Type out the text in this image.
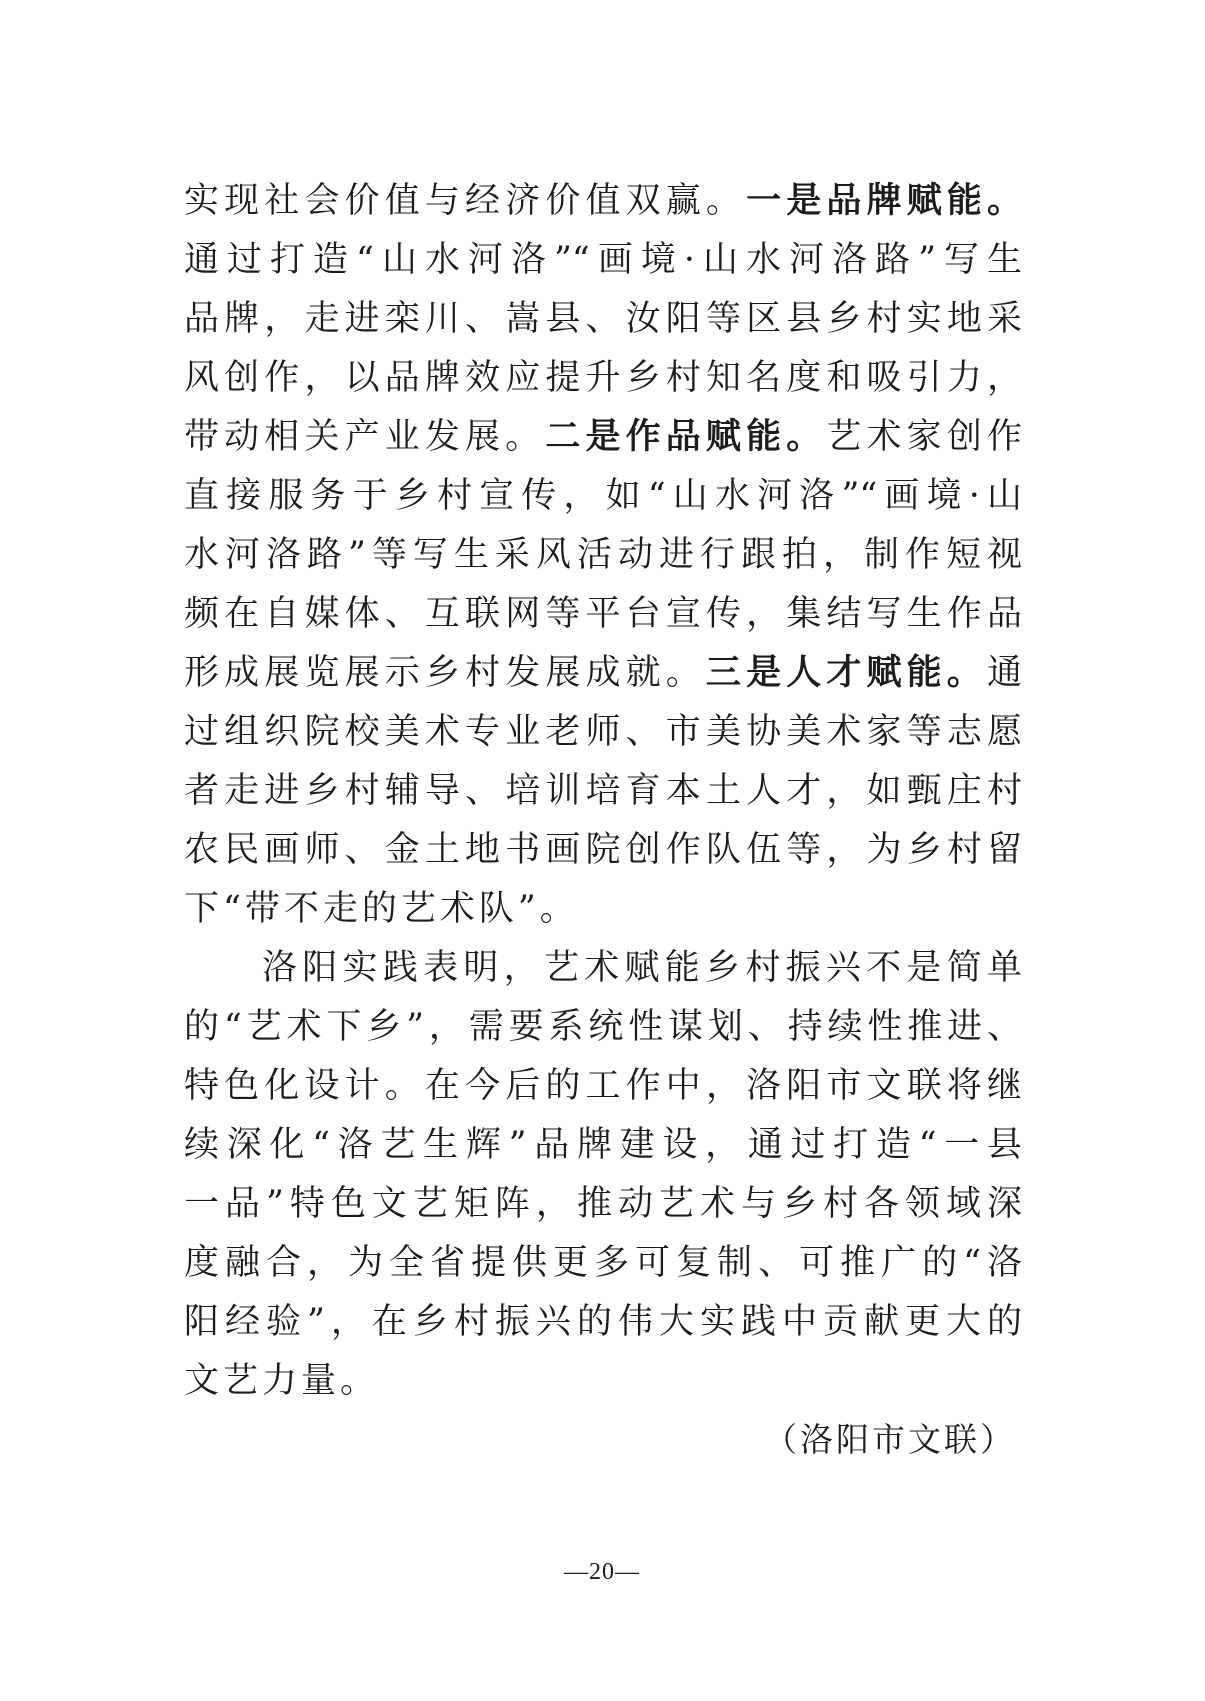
实现社会价值与经济价值双赢。一是品牌赋能。
通过打造“山水河洛”“画境·山水河洛路”写生
品牌，走进栾川、嵩县、汝阳等区县乡村实地采
风创作，以品牌效应提升乡村知名度和吸引力，
带动相关产业发展。二是作品赋能。艺术家创作
直接服务于乡村宣传，如“山水河洛”“画境·山
水河洛路”等写生采风活动进行跟拍，制作短视
频在自媒体、互联网等平台宣传，集结写生作品
形成展览展示乡村发展成就。三是人才赋能。通
过组织院校美术专业老师、市美协美术家等志愿
者走进乡村辅导、培训培育本土人才，如甄庄村
农民画师、金土地书画院创作队伍等，为乡村留
下“带不走的艺术队”。
洛阳实践表明，艺术赋能乡村振兴不是简单
的“艺术下乡”，需要系统性谋划、持续性推进、
特色化设计。在今后的工作中，洛阳市文联将继
续深化“洛艺生辉”品牌建设，通过打造“一县
一品”特色文艺矩阵，推动艺术与乡村各领域深
度融合，为全省提供更多可复制、可推广的“洛
阳经验”，在乡村振兴的伟大实践中贡献更大的
文艺力量。
（洛阳市文联）
—20—
